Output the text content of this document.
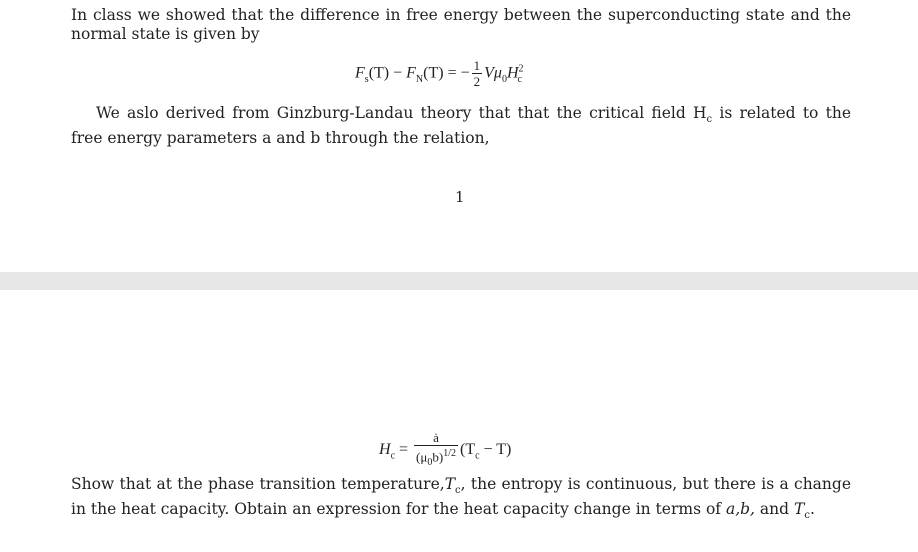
In class we showed that the difference in free energy between the superconducting state and the normal state is given by

$F_s(T) - F_N(T)$ = − $\frac{1}{2} V\mu_0H^2_c$

We aslo derived from Ginzburg-Landau theory that that the critical field $H_c$ is related to the free energy parameters a and b through the relation,

1
$H_c = \frac{ȧ}{(\mu_0b)^{1/2}} (T_c - T)$

Show that at the phase transition $temperature,T_c$, the entropy is continuous, but there is a change in the heat capacity. Obtain an expression for the heat capacity change in terms of a,b, and $T_c$.
